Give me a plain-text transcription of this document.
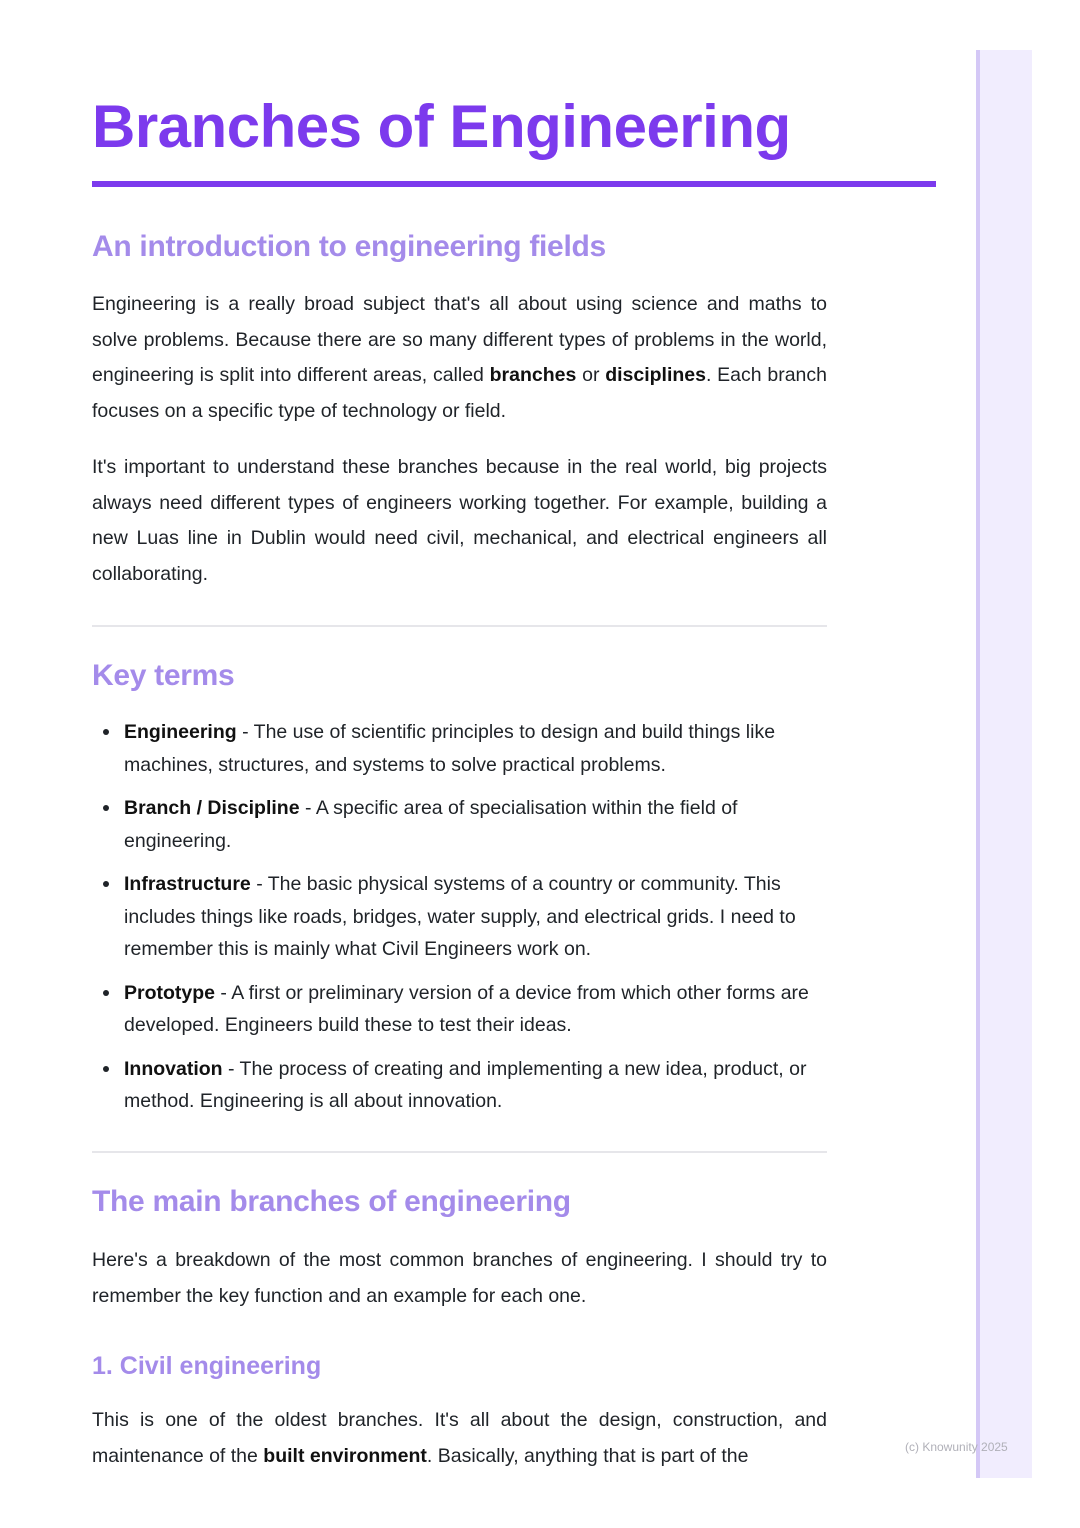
Branches of Engineering
An introduction to engineering fields

Engineering is a really broad subject that's all about using science and maths to solve problems. Because there are so many different types of problems in the world, engineering is split into different areas, called branches or disciplines. Each branch focuses on a specific type of technology or field.

It's important to understand these branches because in the real world, big projects always need different types of engineers working together. For example, building a new Luas line in Dublin would need civil, mechanical, and electrical engineers all collaborating.

Key terms
Engineering - The use of scientific principles to design and build things like machines, structures, and systems to solve practical problems.
Branch / Discipline - A specific area of specialisation within the field of engineering.
Infrastructure - The basic physical systems of a country or community. This includes things like roads, bridges, water supply, and electrical grids. I need to remember this is mainly what Civil Engineers work on.
Prototype - A first or preliminary version of a device from which other forms are developed. Engineers build these to test their ideas.
Innovation - The process of creating and implementing a new idea, product, or method. Engineering is all about innovation.
The main branches of engineering

Here's a breakdown of the most common branches of engineering. I should try to remember the key function and an example for each one.

1. Civil engineering

This is one of the oldest branches. It's all about the design, construction, and maintenance of the built environment. Basically, anything that is part of the	(c) Knowunity 2025
